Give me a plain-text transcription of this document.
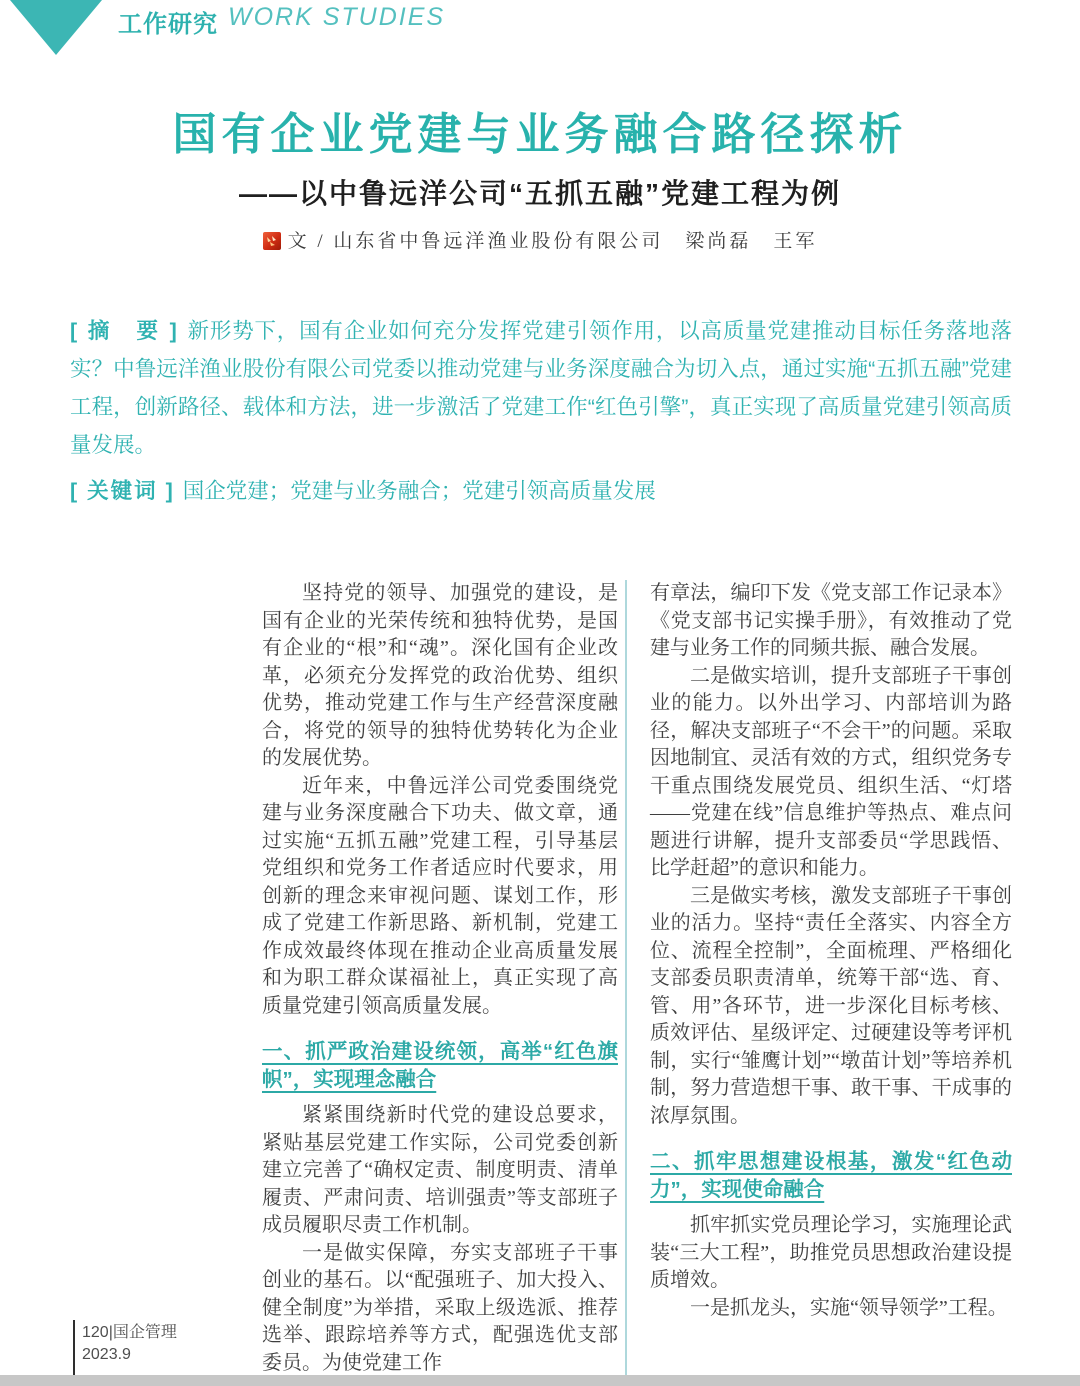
工作研究 WORK STUDIES
国有企业党建与业务融合路径探析
——以中鲁远洋公司“五抓五融”党建工程为例
文 / 山东省中鲁远洋渔业股份有限公司　梁尚磊　王军
[ 摘　要 ] 新形势下，国有企业如何充分发挥党建引领作用，以高质量党建推动目标任务落地落实？中鲁远洋渔业股份有限公司党委以推动党建与业务深度融合为切入点，通过实施“五抓五融”党建工程，创新路径、载体和方法，进一步激活了党建工作“红色引擎”，真正实现了高质量党建引领高质量发展。
[ 关键词 ] 国企党建；党建与业务融合；党建引领高质量发展

坚持党的领导、加强党的建设，是国有企业的光荣传统和独特优势，是国有企业的“根”和“魂”。深化国有企业改革，必须充分发挥党的政治优势、组织优势，推动党建工作与生产经营深度融合，将党的领导的独特优势转化为企业的发展优势。

近年来，中鲁远洋公司党委围绕党建与业务深度融合下功夫、做文章，通过实施“五抓五融”党建工程，引导基层党组织和党务工作者适应时代要求，用创新的理念来审视问题、谋划工作，形成了党建工作新思路、新机制，党建工作成效最终体现在推动企业高质量发展和为职工群众谋福祉上，真正实现了高质量党建引领高质量发展。

一、抓严政治建设统领，高举“红色旗帜”，实现理念融合

紧紧围绕新时代党的建设总要求，紧贴基层党建工作实际，公司党委创新建立完善了“确权定责、制度明责、清单履责、严肃问责、培训强责”等支部班子成员履职尽责工作机制。

一是做实保障，夯实支部班子干事创业的基石。以“配强班子、加大投入、健全制度”为举措，采取上级选派、推荐选举、跟踪培养等方式，配强选优支部委员。为使党建工作

有章法，编印下发《党支部工作记录本》《党支部书记实操手册》，有效推动了党建与业务工作的同频共振、融合发展。

二是做实培训，提升支部班子干事创业的能力。以外出学习、内部培训为路径，解决支部班子“不会干”的问题。采取因地制宜、灵活有效的方式，组织党务专干重点围绕发展党员、组织生活、“灯塔——党建在线”信息维护等热点、难点问题进行讲解，提升支部委员“学思践悟、比学赶超”的意识和能力。

三是做实考核，激发支部班子干事创业的活力。坚持“责任全落实、内容全方位、流程全控制”，全面梳理、严格细化支部委员职责清单，统筹干部“选、育、管、用”各环节，进一步深化目标考核、质效评估、星级评定、过硬建设等考评机制，实行“雏鹰计划”“墩苗计划”等培养机制，努力营造想干事、敢干事、干成事的浓厚氛围。

二、抓牢思想建设根基，激发“红色动力”，实现使命融合

抓牢抓实党员理论学习，实施理论武装“三大工程”，助推党员思想政治建设提质增效。

一是抓龙头，实施“领导领学”工程。

120|国企管理
2023.9
